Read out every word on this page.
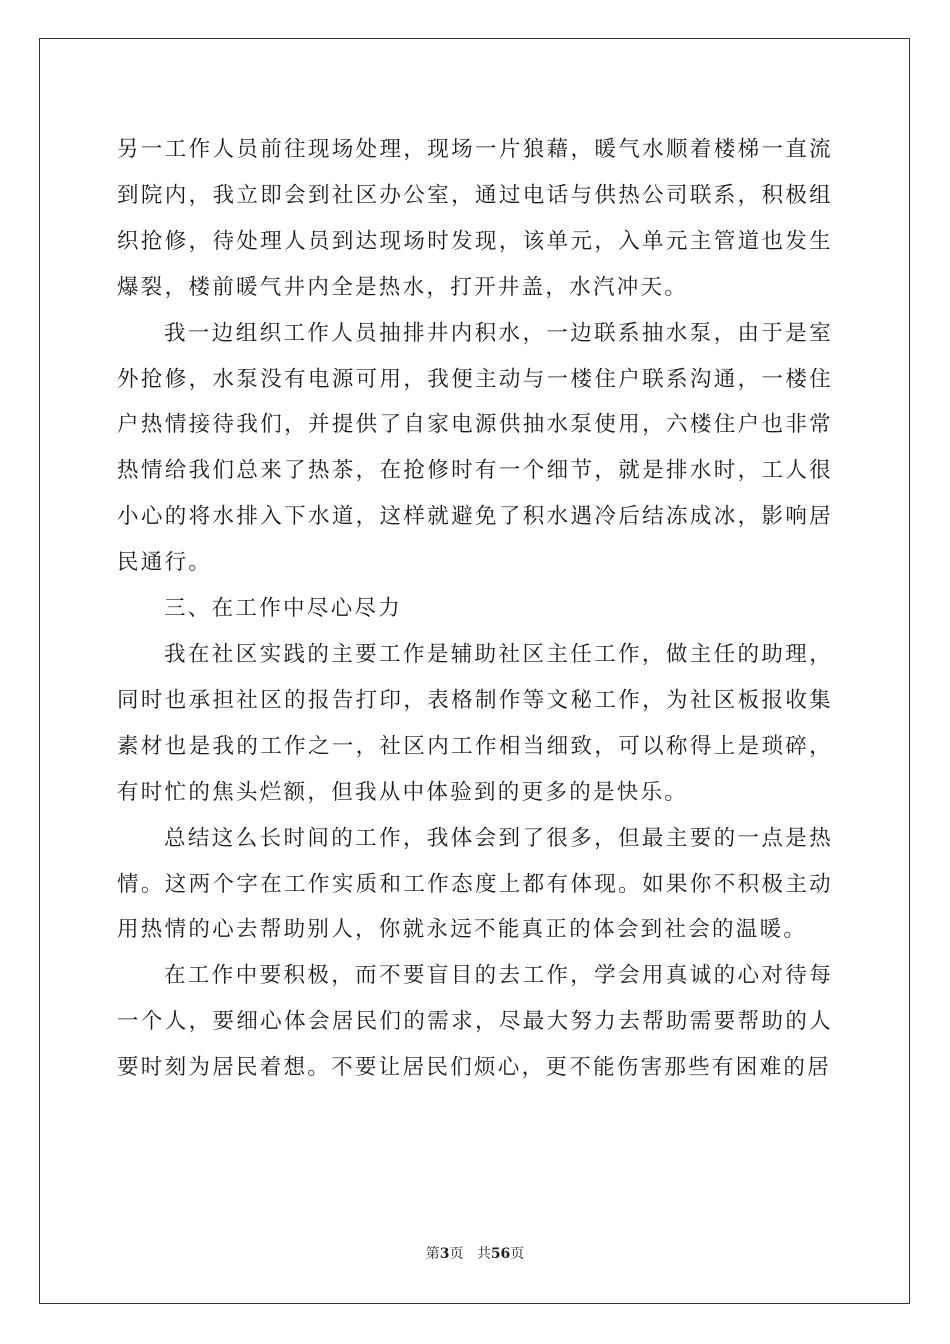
另一工作人员前往现场处理，现场一片狼藉，暖气水顺着楼梯一直流到院内，我立即会到社区办公室，通过电话与供热公司联系，积极组织抢修，待处理人员到达现场时发现，该单元，入单元主管道也发生爆裂，楼前暖气井内全是热水，打开井盖，水汽冲天。

我一边组织工作人员抽排井内积水，一边联系抽水泵，由于是室外抢修，水泵没有电源可用，我便主动与一楼住户联系沟通，一楼住户热情接待我们，并提供了自家电源供抽水泵使用，六楼住户也非常热情给我们总来了热茶，在抢修时有一个细节，就是排水时，工人很小心的将水排入下水道，这样就避免了积水遇冷后结冻成冰，影响居民通行。

三、在工作中尽心尽力

我在社区实践的主要工作是辅助社区主任工作，做主任的助理，同时也承担社区的报告打印，表格制作等文秘工作，为社区板报收集素材也是我的工作之一，社区内工作相当细致，可以称得上是琐碎，有时忙的焦头烂额，但我从中体验到的更多的是快乐。

总结这么长时间的工作，我体会到了很多，但最主要的一点是热情。这两个字在工作实质和工作态度上都有体现。如果你不积极主动用热情的心去帮助别人，你就永远不能真正的体会到社会的温暖。

在工作中要积极，而不要盲目的去工作，学会用真诚的心对待每一个人，要细心体会居民们的需求，尽最大努力去帮助需要帮助的人要时刻为居民着想。不要让居民们烦心，更不能伤害那些有困难的居

第3页 共56页
